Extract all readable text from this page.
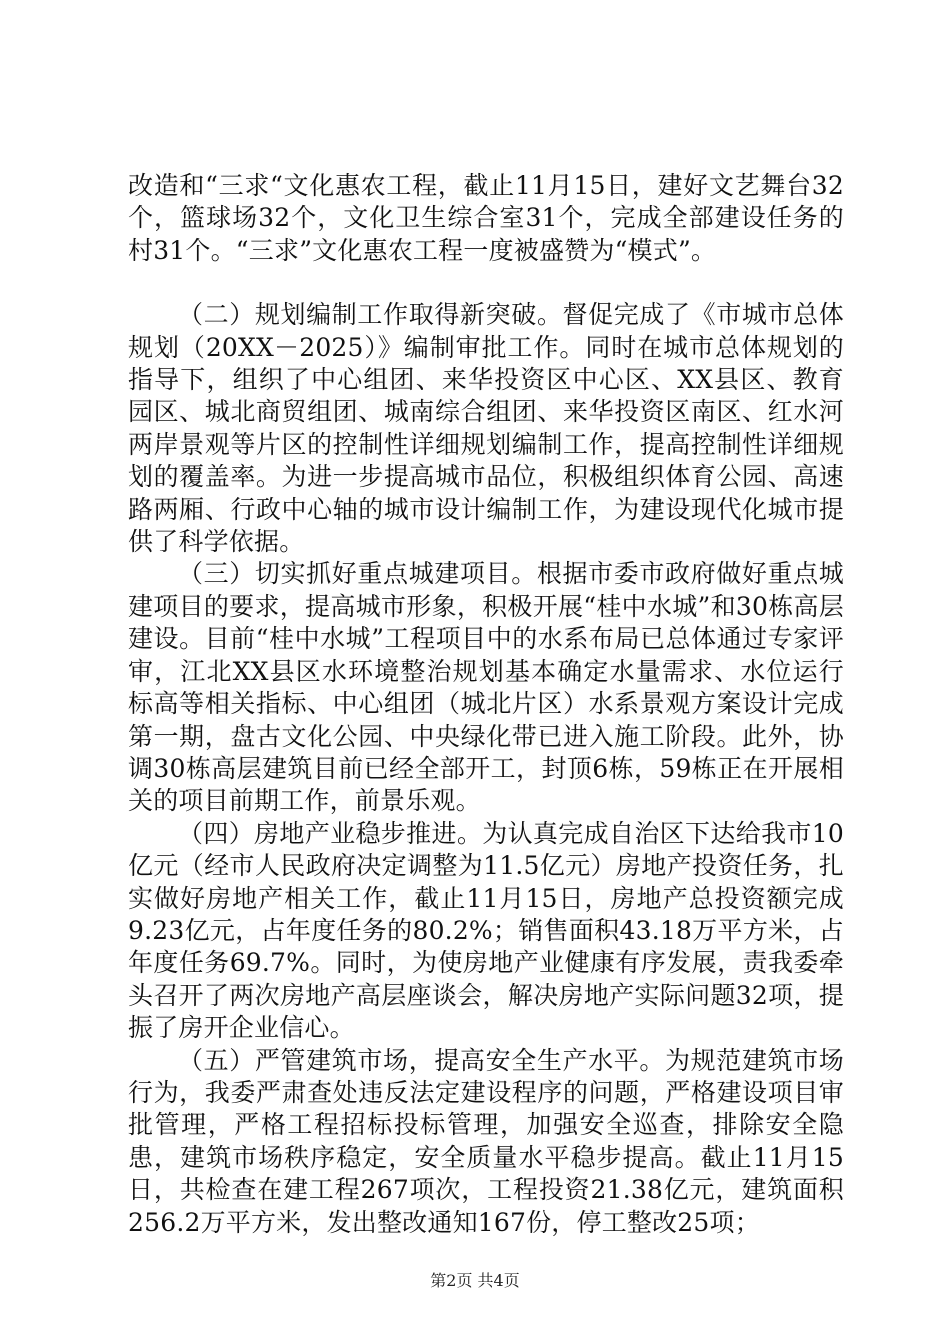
改造和“三求“文化惠农工程，截止11月15日，建好文艺舞台32个，篮球场32个，文化卫生综合室31个，完成全部建设任务的村31个。“三求”文化惠农工程一度被盛赞为“模式”。

（二）规划编制工作取得新突破。督促完成了《市城市总体规划（20XX－2025）》编制审批工作。同时在城市总体规划的指导下，组织了中心组团、来华投资区中心区、XX县区、教育园区、城北商贸组团、城南综合组团、来华投资区南区、红水河两岸景观等片区的控制性详细规划编制工作，提高控制性详细规划的覆盖率。为进一步提高城市品位，积极组织体育公园、高速路两厢、行政中心轴的城市设计编制工作，为建设现代化城市提供了科学依据。

（三）切实抓好重点城建项目。根据市委市政府做好重点城建项目的要求，提高城市形象，积极开展“桂中水城”和30栋高层建设。目前“桂中水城”工程项目中的水系布局已总体通过专家评审，江北XX县区水环境整治规划基本确定水量需求、水位运行标高等相关指标、中心组团（城北片区）水系景观方案设计完成第一期，盘古文化公园、中央绿化带已进入施工阶段。此外，协调30栋高层建筑目前已经全部开工，封顶6栋，59栋正在开展相关的项目前期工作，前景乐观。

（四）房地产业稳步推进。为认真完成自治区下达给我市10亿元（经市人民政府决定调整为11.5亿元）房地产投资任务，扎实做好房地产相关工作，截止11月15日，房地产总投资额完成9.23亿元，占年度任务的80.2%；销售面积43.18万平方米，占年度任务69.7%。同时，为使房地产业健康有序发展，责我委牵头召开了两次房地产高层座谈会，解决房地产实际问题32项，提振了房开企业信心。

（五）严管建筑市场，提高安全生产水平。为规范建筑市场行为，我委严肃查处违反法定建设程序的问题，严格建设项目审批管理，严格工程招标投标管理，加强安全巡查，排除安全隐患，建筑市场秩序稳定，安全质量水平稳步提高。截止11月15日，共检查在建工程267项次，工程投资21.38亿元，建筑面积256.2万平方米，发出整改通知167份，停工整改25项；

第2页 共4页
